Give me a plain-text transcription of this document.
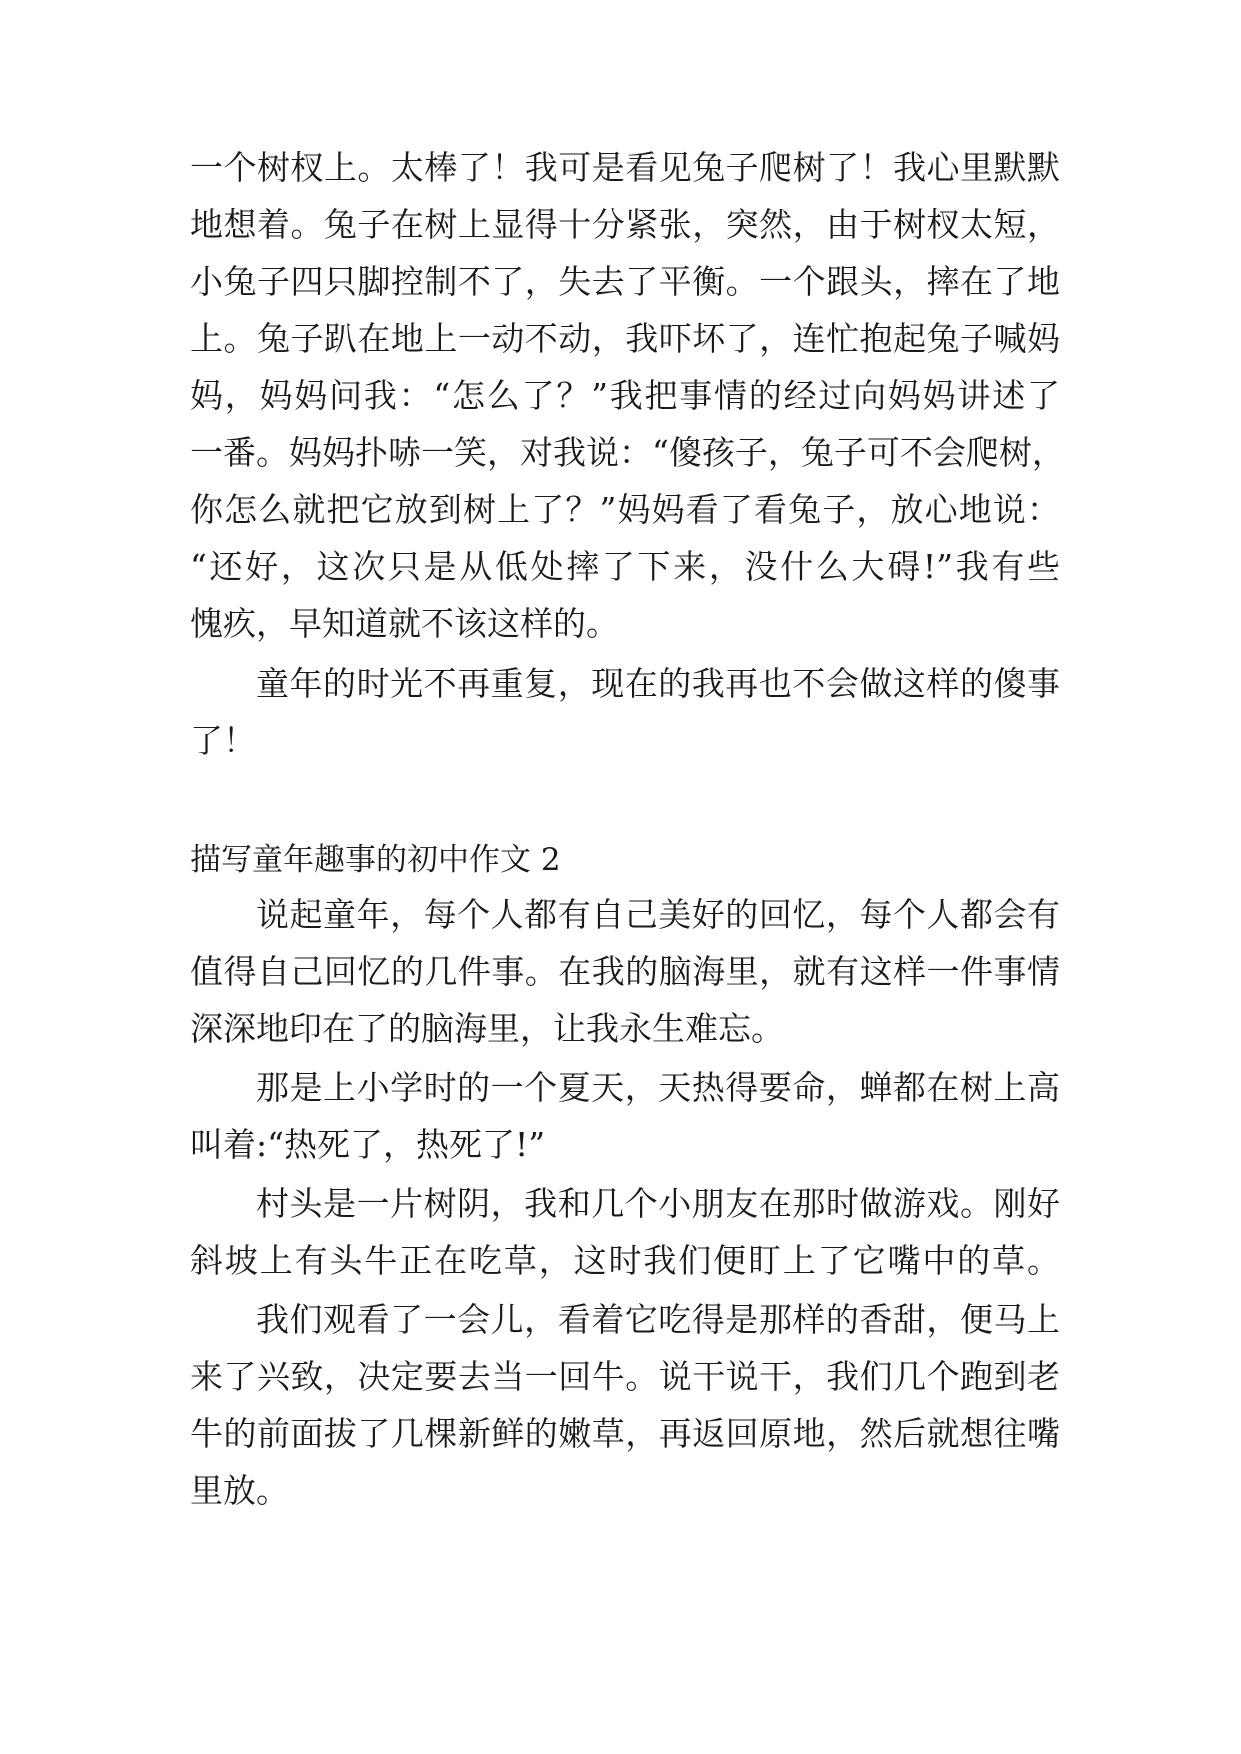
一个树杈上。太棒了！我可是看见兔子爬树了！我心里默默
地想着。兔子在树上显得十分紧张，突然，由于树杈太短，
小兔子四只脚控制不了，失去了平衡。一个跟头，摔在了地
上。兔子趴在地上一动不动，我吓坏了，连忙抱起兔子喊妈
妈，妈妈问我：“怎么了？”我把事情的经过向妈妈讲述了
一番。妈妈扑哧一笑，对我说：“傻孩子，兔子可不会爬树，
你怎么就把它放到树上了？”妈妈看了看兔子，放心地说：
“还好，这次只是从低处摔了下来，没什么大碍!”我有些
愧疚，早知道就不该这样的。
童年的时光不再重复，现在的我再也不会做这样的傻事
了！
描写童年趣事的初中作文 2
说起童年，每个人都有自己美好的回忆，每个人都会有
值得自己回忆的几件事。在我的脑海里，就有这样一件事情
深深地印在了的脑海里，让我永生难忘。
那是上小学时的一个夏天，天热得要命，蝉都在树上高
叫着:“热死了，热死了!”
村头是一片树阴，我和几个小朋友在那时做游戏。刚好
斜坡上有头牛正在吃草，这时我们便盯上了它嘴中的草。
我们观看了一会儿，看着它吃得是那样的香甜，便马上
来了兴致，决定要去当一回牛。说干说干，我们几个跑到老
牛的前面拔了几棵新鲜的嫩草，再返回原地，然后就想往嘴
里放。
